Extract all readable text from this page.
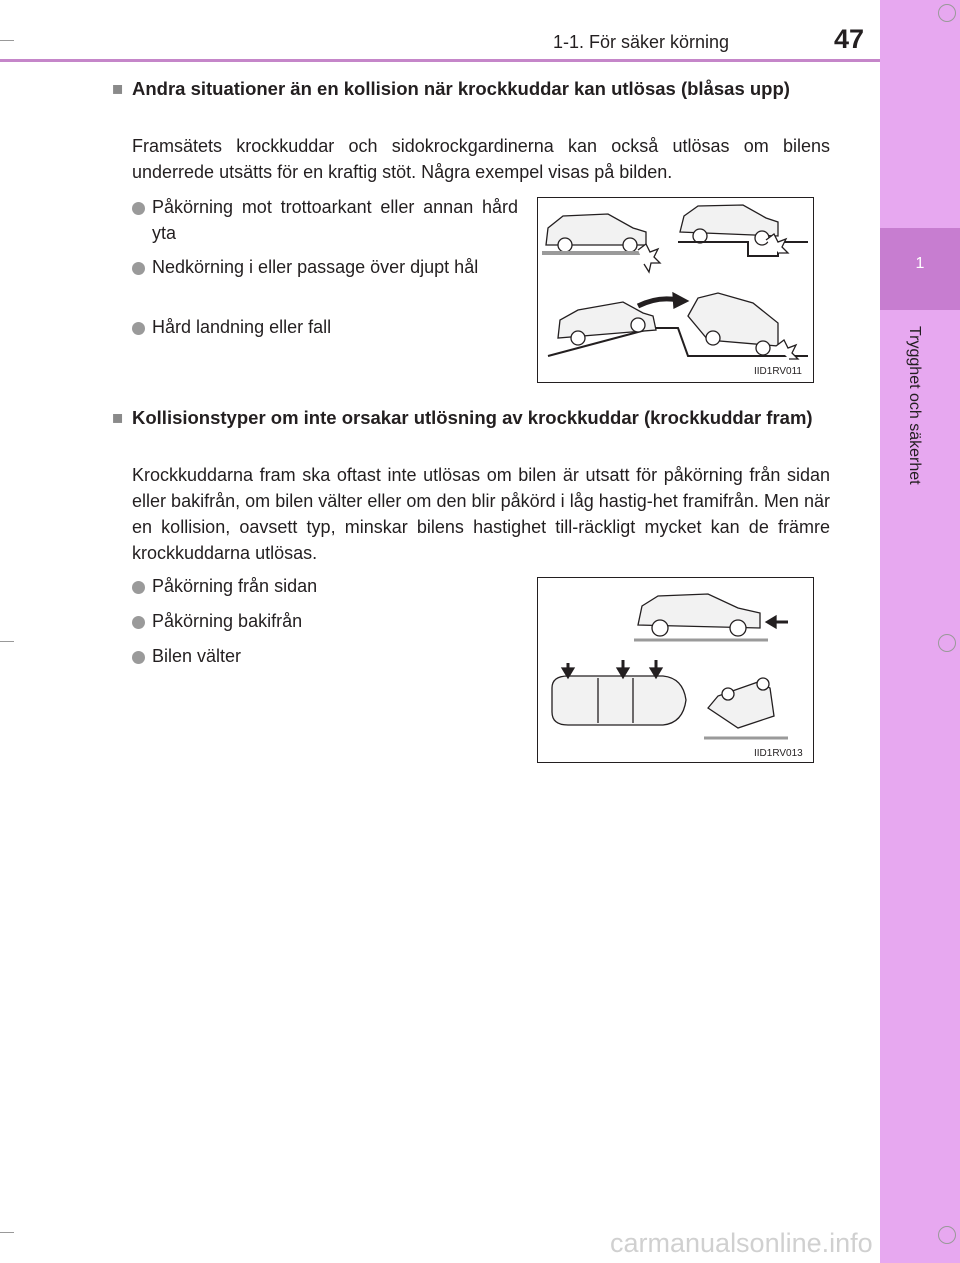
1
Trygghet och säkerhet
1-1. För säker körning	47
■ Andra situationer än en kollision när krockkuddar kan utlösas (blåsas upp)
Framsätets krockkuddar och sidokrockgardinerna kan också utlösas om bilens underrede utsätts för en kraftig stöt. Några exempel visas på bilden.
Påkörning mot trottoarkant eller annan hård yta
Nedkörning i eller passage över djupt hål
Hård landning eller fall
IID1RV011
■ Kollisionstyper om inte orsakar utlösning av krockkuddar (krockkuddar fram)
Krockkuddarna fram ska oftast inte utlösas om bilen är utsatt för påkörning från sidan eller bakifrån, om bilen välter eller om den blir påkörd i låg hastig-het framifrån. Men när en kollision, oavsett typ, minskar bilens hastighet till-räckligt mycket kan de främre krockkuddarna utlösas.
Påkörning från sidan
Påkörning bakifrån
Bilen välter
IID1RV013
carmanualsonline.info
